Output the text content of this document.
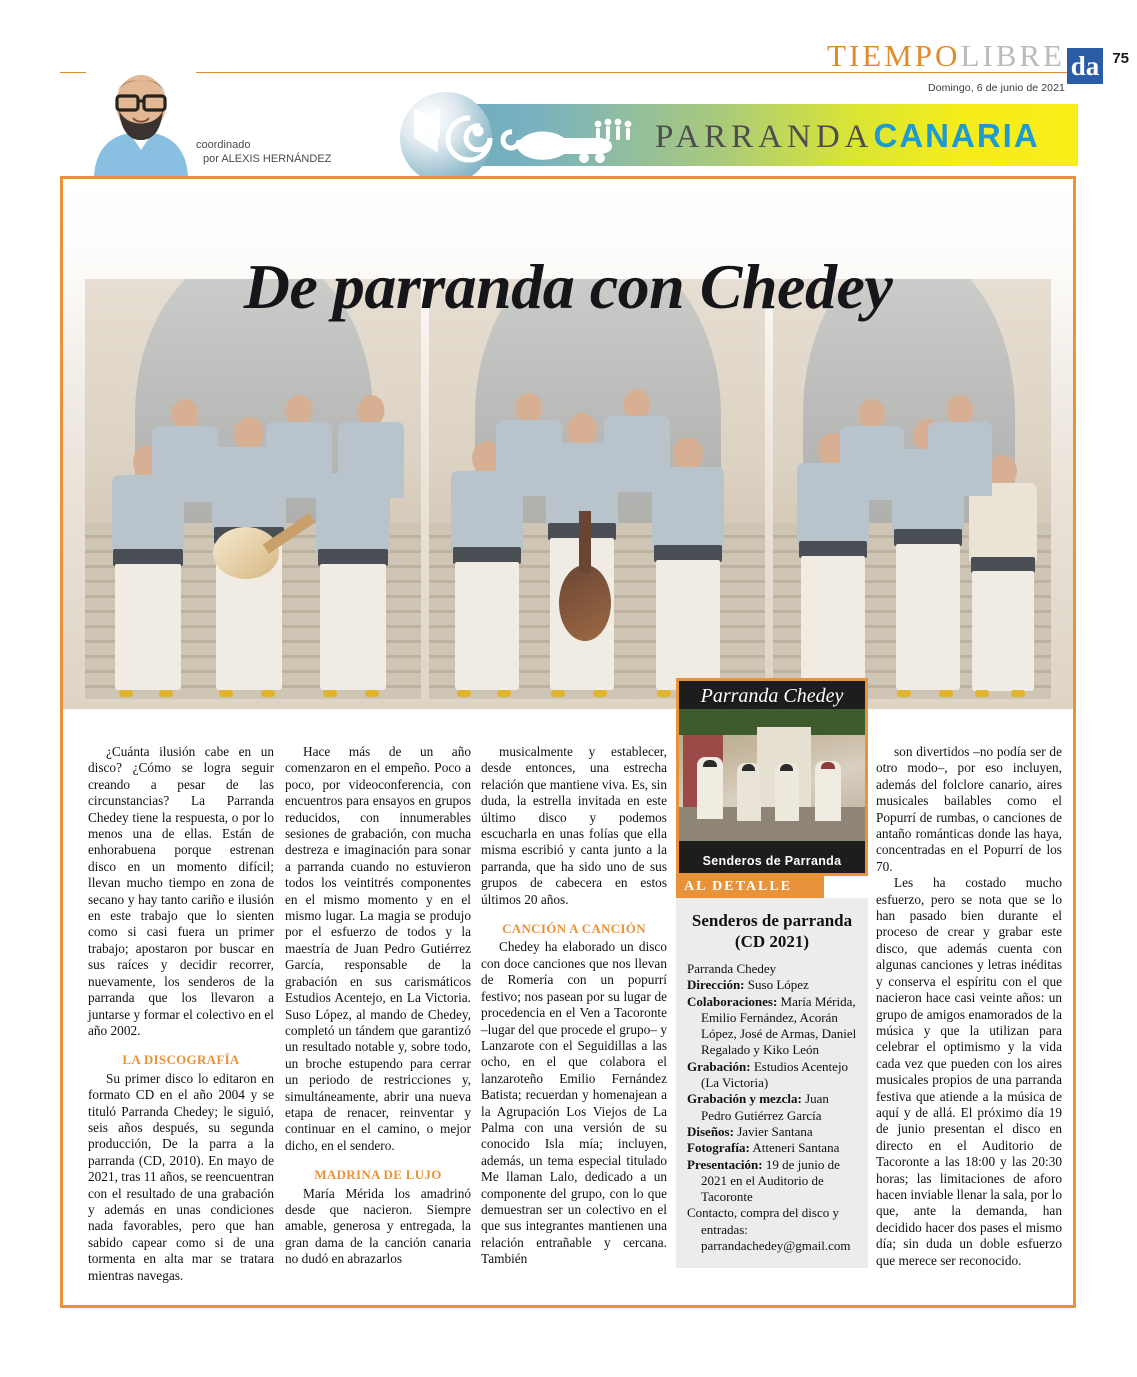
TIEMPOLIBRE
Domingo, 6 de junio de 2021
da 75
coordinado
por ALEXIS HERNÁNDEZ
PARRANDACANARIA
De parranda con Chedey

¿Cuánta ilusión cabe en un disco? ¿Cómo se logra seguir creando a pesar de las circunstancias? La Parranda Chedey tiene la respuesta, o por lo menos una de ellas. Están de enhorabuena porque estrenan disco en un momento difícil; llevan mucho tiempo en zona de secano y hay tanto cariño e ilusión en este trabajo que lo sienten como si casi fuera un primer trabajo; apostaron por buscar en sus raíces y decidir recorrer, nuevamente, los senderos de la parranda que los llevaron a juntarse y formar el colectivo en el año 2002.

LA DISCOGRAFÍA

Su primer disco lo editaron en formato CD en el año 2004 y se tituló Parranda Chedey; le siguió, seis años después, su segunda producción, De la parra a la parranda (CD, 2010). En mayo de 2021, tras 11 años, se reencuentran con el resultado de una grabación y además en unas condiciones nada favorables, pero que han sabido capear como si de una tormenta en alta mar se tratara mientras navegas.

Hace más de un año comenzaron en el empeño. Poco a poco, por videoconferencia, con encuentros para ensayos en grupos reducidos, con innumerables sesiones de grabación, con mucha destreza e imaginación para sonar a parranda cuando no estuvieron todos los veintitrés componentes en el mismo momento y en el mismo lugar. La magia se produjo por el esfuerzo de todos y la maestría de Juan Pedro Gutiérrez García, responsable de la grabación en sus carismáticos Estudios Acentejo, en La Victoria. Suso López, al mando de Chedey, completó un tándem que garantizó un resultado notable y, sobre todo, un broche estupendo para cerrar un periodo de restricciones y, simultáneamente, abrir una nueva etapa de renacer, reinventar y continuar en el camino, o mejor dicho, en el sendero.

MADRINA DE LUJO

María Mérida los amadrinó desde que nacieron. Siempre amable, generosa y entregada, la gran dama de la canción canaria no dudó en abrazarlos

musicalmente y establecer, desde entonces, una estrecha relación que mantiene viva. Es, sin duda, la estrella invitada en este último disco y podemos escucharla en unas folías que ella misma escribió y canta junto a la parranda, que ha sido uno de sus grupos de cabecera en estos últimos 20 años.

CANCIÓN A CANCIÓN

Chedey ha elaborado un disco con doce canciones que nos llevan de Romería con un popurrí festivo; nos pasean por su lugar de procedencia en el Ven a Tacoronte –lugar del que procede el grupo– y Lanzarote con el Seguidillas a las ocho, en el que colabora el lanzaroteño Emilio Fernández Batista; recuerdan y homenajean a la Agrupación Los Viejos de La Palma con una versión de su conocido Isla mía; incluyen, además, un tema especial titulado Me llaman Lalo, dedicado a un componente del grupo, con lo que demuestran ser un colectivo en el que sus integrantes mantienen una relación entrañable y cercana. También

son divertidos –no podía ser de otro modo–, por eso incluyen, además del folclore canario, aires musicales bailables como el Popurrí de rumbas, o canciones de antaño románticas donde las haya, concentradas en el Popurrí de los 70.

Les ha costado mucho esfuerzo, pero se nota que se lo han pasado bien durante el proceso de crear y grabar este disco, que además cuenta con algunas canciones y letras inéditas y conserva el espíritu con el que nacieron hace casi veinte años: un grupo de amigos enamorados de la música y que la utilizan para celebrar el optimismo y la vida cada vez que pueden con los aires musicales propios de una parranda festiva que atiende a la música de aquí y de allá. El próximo día 19 de junio presentan el disco en directo en el Auditorio de Tacoronte a las 18:00 y las 20:30 horas; las limitaciones de aforo hacen inviable llenar la sala, por lo que, ante la demanda, han decidido hacer dos pases el mismo día; sin duda un doble esfuerzo que merece ser reconocido.

Parranda Chedey
Senderos de Parranda
AL DETALLE
Senderos de parranda (CD 2021)

Parranda Chedey

Dirección: Suso López

Colaboraciones: María Mérida, Emilio Fernández, Acorán López, José de Armas, Daniel Regalado y Kiko León

Grabación: Estudios Acentejo (La Victoria)

Grabación y mezcla: Juan Pedro Gutiérrez García

Diseños: Javier Santana

Fotografía: Atteneri Santana

Presentación: 19 de junio de 2021 en el Auditorio de Tacoronte

Contacto, compra del disco y entradas: parrandachedey@gmail.com
